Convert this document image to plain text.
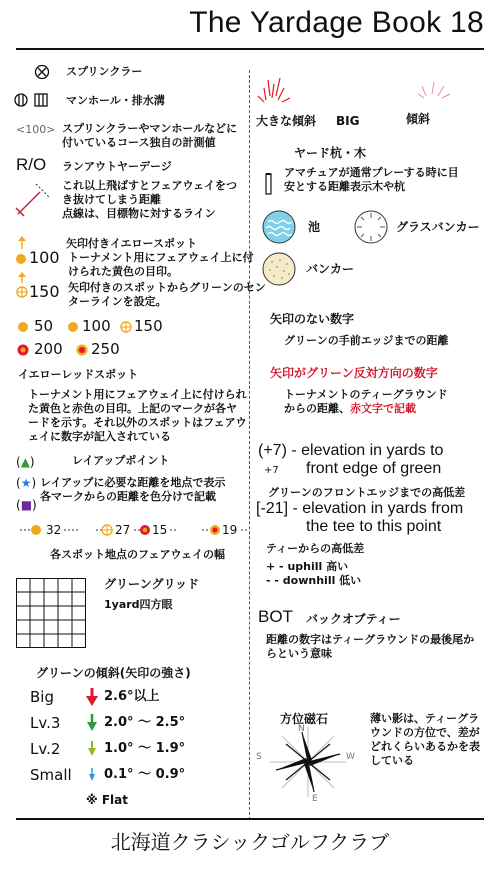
The Yardage Book 18
スプリンクラー
マンホール・排水溝
<100> スプリンクラーやマンホールなどに
付いているコース独自の計測値
R/O ランアウトヤーデージ
これ以上飛ばすとフェアウェイをつ
き抜けてしまう距離
点線は、目標物に対するライン
矢印付きイエロースポット
100 トーナメント用にフェアウェイ上に付
けられた黄色の目印。
150 矢印付きのスポットからグリーンのセン
ターラインを設定。
50 100 150
200 250
イエローレッドスポット
トーナメント用にフェアウェイ上に付けられ
た黄色と赤色の目印。上記のマークが各ヤ
ードを示す。それ以外のスポットはフェアウ
ェイに数字が記入されている
(▲)	レイアップポイント
(★) レイアップに必要な距離を地点で表示
各マークからの距離を色分けで記載
(■)
32	27 15	19
各スポット地点のフェアウェイの幅
グリーングリッド
1yard四方眼
グリーンの傾斜(矢印の強さ)
Big	2.6°以上
Lv.3	2.0° ～ 2.5°
Lv.2	1.0° ～ 1.9°
Small 0.1° ～ 0.9°
※ Flat
大きな傾斜 BIG	傾斜
ヤード杭・木
アマチュアが通常プレーする時に目
安とする距離表示木や杭
池	グラスバンカー
バンカー
矢印のない数字
グリーンの手前エッジまでの距離
矢印がグリーン反対方向の数字
トーナメントのティーグラウンド
からの距離、赤文字で記載
(+7) - elevation in yards to
+7 front edge of green
グリーンのフロントエッジまでの高低差
[-21] - elevation in yards from
the tee to this point
ティーからの高低差
+ - uphill 高い
- - downhill 低い
BOT バックオブティー
距離の数字はティーグラウンドの最後尾か
らという意味
方位磁石
N
S	W
E
薄い影は、ティーグラ
ウンドの方位で、差が
どれくらいあるかを表
している
北海道クラシックゴルフクラブ
